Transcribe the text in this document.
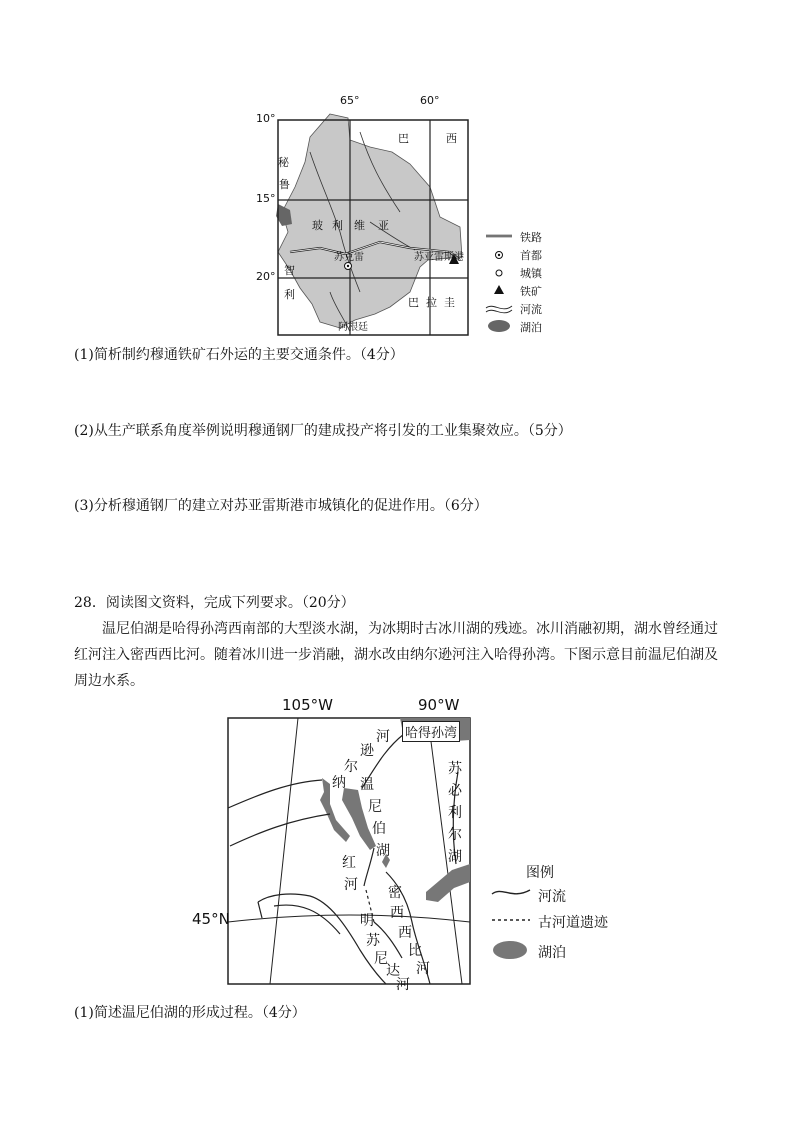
65°	60°
10°
15°
20°
巴	西
秘
鲁
玻 利 维 亚
苏克雷	苏亚雷斯港
智
利
巴 拉 圭
阿根廷
铁路
首都
城镇
铁矿
河流
湖泊
(1)简析制约穆通铁矿石外运的主要交通条件。（4分）
(2)从生产联系角度举例说明穆通钢厂的建成投产将引发的工业集聚效应。（5分）
(3)分析穆通钢厂的建立对苏亚雷斯港市城镇化的促进作用。（6分）
28．阅读图文资料，完成下列要求。（20分）
温尼伯湖是哈得孙湾西南部的大型淡水湖，为冰期时古冰川湖的残迹。冰川消融初期，湖水曾经通过
红河注入密西西比河。随着冰川进一步消融，湖水改由纳尔逊河注入哈得孙湾。下图示意目前温尼伯湖及
周边水系。
105°W	90°W
45°N
哈得孙湾
河
逊
尔
纳 温
尼
伯
湖
苏
必
利
尔
湖
红
河 密
西
西
比
河
明
苏
尼
达
河
图例
河流
古河道遗迹
湖泊
(1)简述温尼伯湖的形成过程。（4分）
